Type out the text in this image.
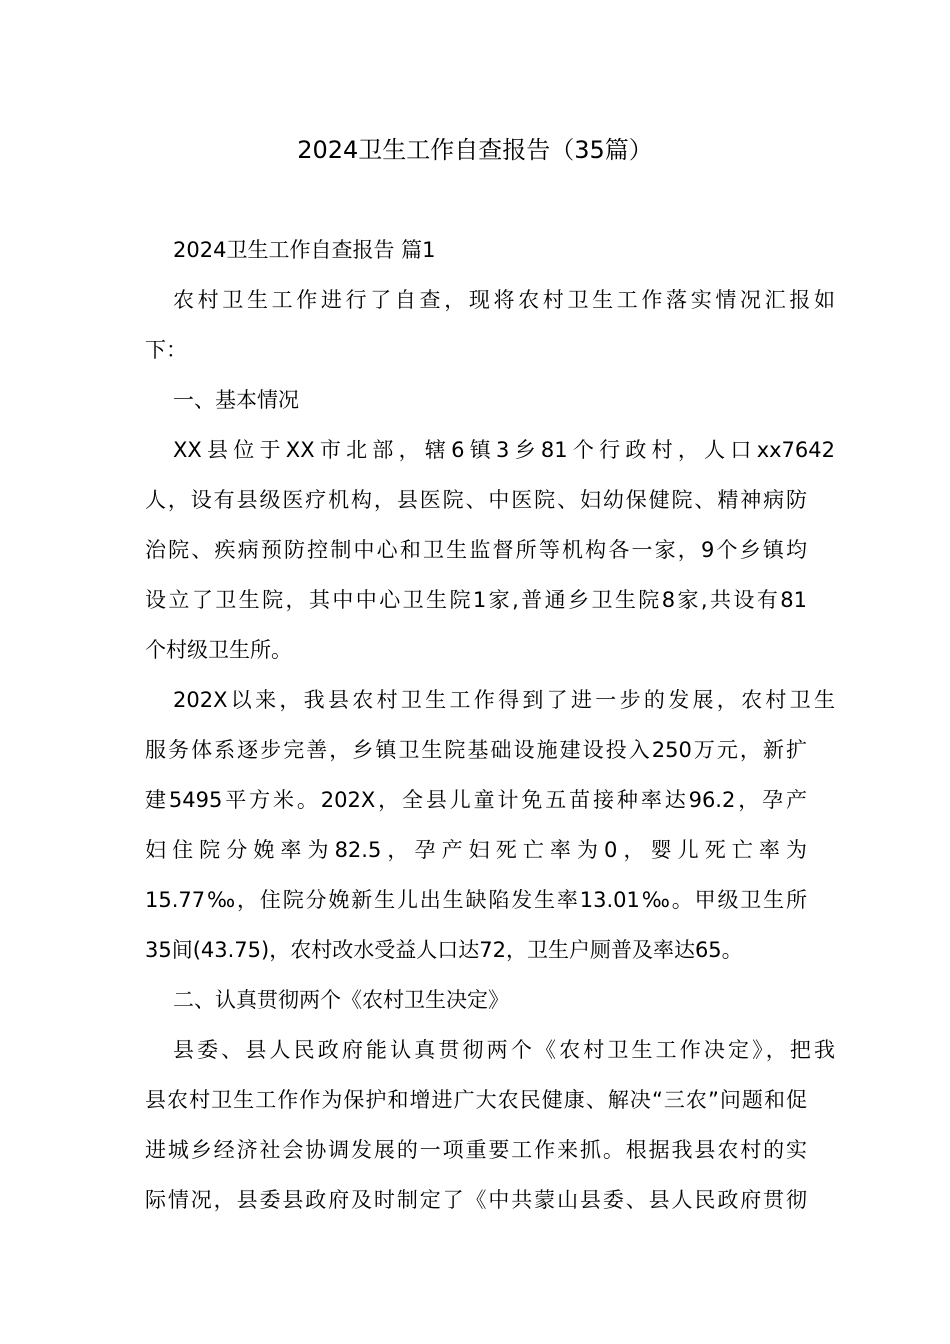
2024卫生工作自查报告（35篇）
2024卫生工作自查报告 篇1
农村卫生工作进行了自查，现将农村卫生工作落实情况汇报如
下：
一、基本情况
XX县位于XX市北部，辖6镇3乡81个行政村，人口xx7642
人，设有县级医疗机构，县医院、中医院、妇幼保健院、精神病防
治院、疾病预防控制中心和卫生监督所等机构各一家，9个乡镇均
设立了卫生院，其中中心卫生院1家,普通乡卫生院8家,共设有81
个村级卫生所。
202X以来，我县农村卫生工作得到了进一步的发展，农村卫生
服务体系逐步完善，乡镇卫生院基础设施建设投入250万元，新扩
建5495平方米。202X，全县儿童计免五苗接种率达96.2，孕产
妇住院分娩率为82.5，孕产妇死亡率为0，婴儿死亡率为
15.77‰，住院分娩新生儿出生缺陷发生率13.01‰。甲级卫生所
35间(43.75)，农村改水受益人口达72，卫生户厕普及率达65。
二、认真贯彻两个《农村卫生决定》
县委、县人民政府能认真贯彻两个《农村卫生工作决定》，把我
县农村卫生工作作为保护和增进广大农民健康、解决“三农”问题和促
进城乡经济社会协调发展的一项重要工作来抓。根据我县农村的实
际情况，县委县政府及时制定了《中共蒙山县委、县人民政府贯彻
